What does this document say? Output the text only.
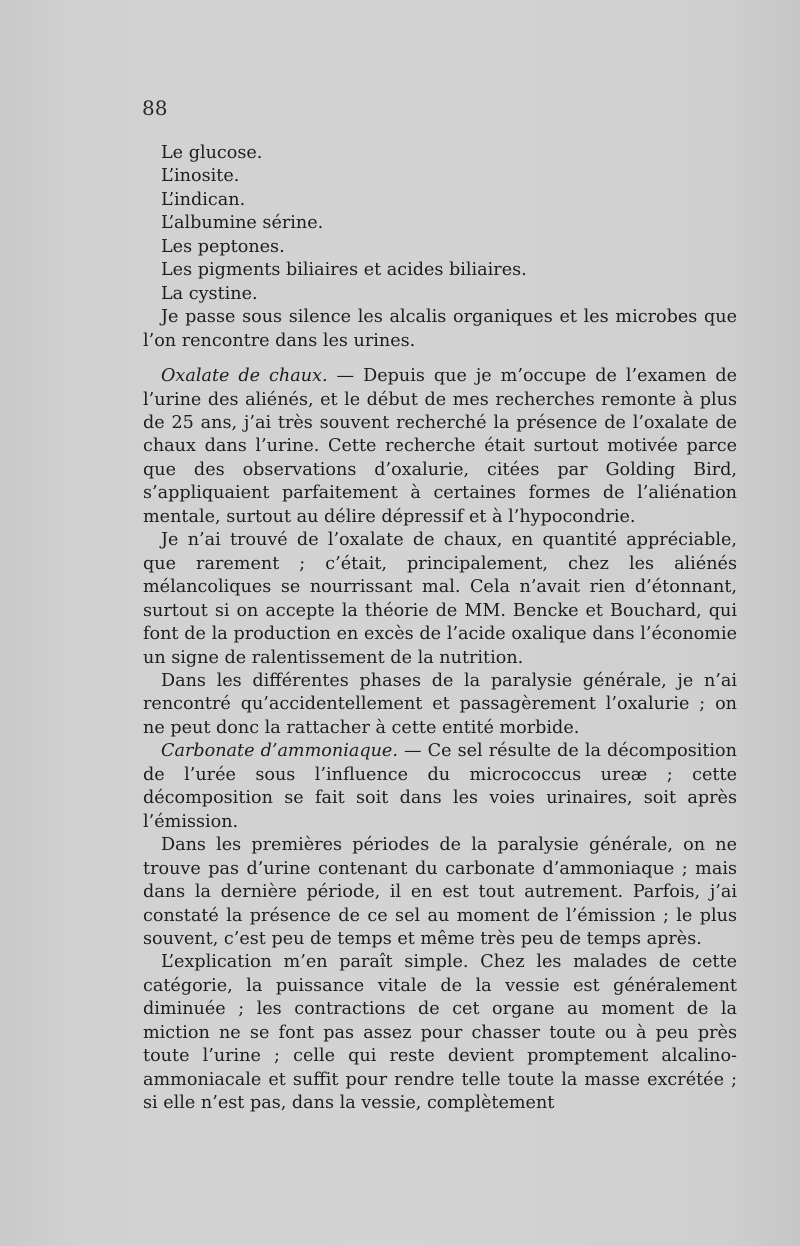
88
Le glucose.
L’inosite.
L’indican.
L’albumine sérine.
Les peptones.
Les pigments biliaires et acides biliaires.
La cystine.

Je passe sous silence les alcalis organiques et les microbes que l’on rencontre dans les urines.

Oxalate de chaux. — Depuis que je m’occupe de l’examen de l’urine des aliénés, et le début de mes recherches remonte à plus de 25 ans, j’ai très souvent recherché la présence de l’oxalate de chaux dans l’urine. Cette recherche était surtout motivée parce que des observations d’oxalurie, citées par Golding Bird, s’appliquaient parfaitement à certaines formes de l’aliénation mentale, surtout au délire dépressif et à l’hypocondrie.

Je n’ai trouvé de l’oxalate de chaux, en quantité appréciable, que rarement ; c’était, principalement, chez les aliénés mélancoliques se nourrissant mal. Cela n’avait rien d’étonnant, surtout si on accepte la théorie de MM. Bencke et Bouchard, qui font de la production en excès de l’acide oxalique dans l’économie un signe de ralentissement de la nutrition.

Dans les différentes phases de la paralysie générale, je n’ai rencontré qu’accidentellement et passagèrement l’oxalurie ; on ne peut donc la rattacher à cette entité morbide.

Carbonate d’ammoniaque. — Ce sel résulte de la décomposition de l’urée sous l’influence du micrococcus ureæ ; cette décomposition se fait soit dans les voies urinaires, soit après l’émission.

Dans les premières périodes de la paralysie générale, on ne trouve pas d’urine contenant du carbonate d’ammoniaque ; mais dans la dernière période, il en est tout autrement. Parfois, j’ai constaté la présence de ce sel au moment de l’émission ; le plus souvent, c’est peu de temps et même très peu de temps après.

L’explication m’en paraît simple. Chez les malades de cette catégorie, la puissance vitale de la vessie est généralement diminuée ; les contractions de cet organe au moment de la miction ne se font pas assez pour chasser toute ou à peu près toute l’urine ; celle qui reste devient promptement alcalino-ammoniacale et suffit pour rendre telle toute la masse excrétée ; si elle n’est pas, dans la vessie, complètement
